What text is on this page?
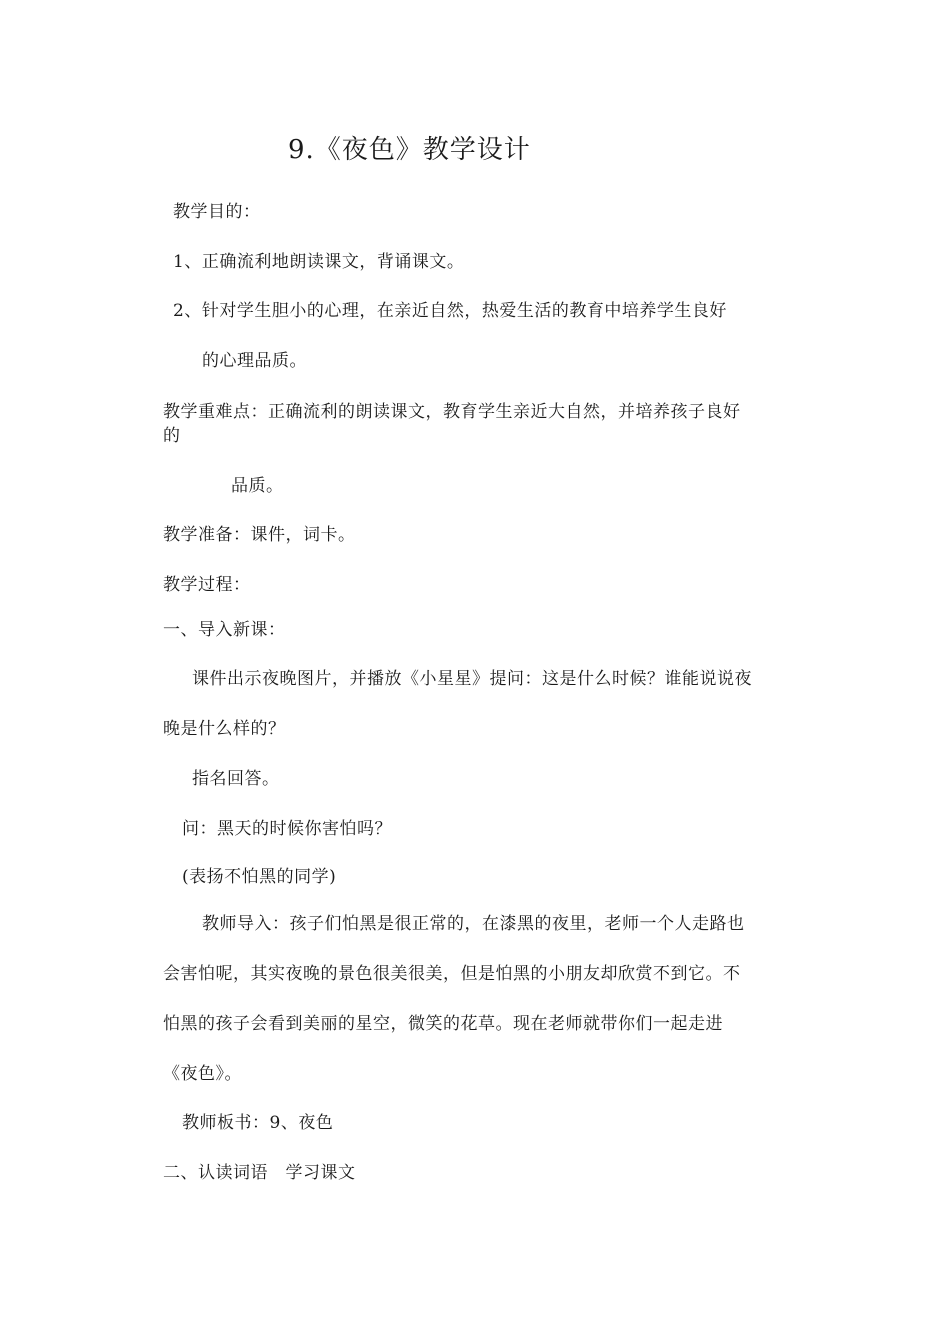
9.《夜色》教学设计
教学目的：
1、正确流利地朗读课文，背诵课文。
2、针对学生胆小的心理，在亲近自然，热爱生活的教育中培养学生良好
的心理品质。
教学重难点：正确流利的朗读课文，教育学生亲近大自然，并培养孩子良好
的
品质。
教学准备：课件，词卡。
教学过程：
一、导入新课：
课件出示夜晚图片，并播放《小星星》提问：这是什么时候？谁能说说夜
晚是什么样的？
指名回答。
问：黑天的时候你害怕吗？
(表扬不怕黑的同学)
教师导入：孩子们怕黑是很正常的，在漆黑的夜里，老师一个人走路也
会害怕呢，其实夜晚的景色很美很美，但是怕黑的小朋友却欣赏不到它。不
怕黑的孩子会看到美丽的星空，微笑的花草。现在老师就带你们一起走进
《夜色》。
教师板书：9、夜色
二、认读词语　学习课文
